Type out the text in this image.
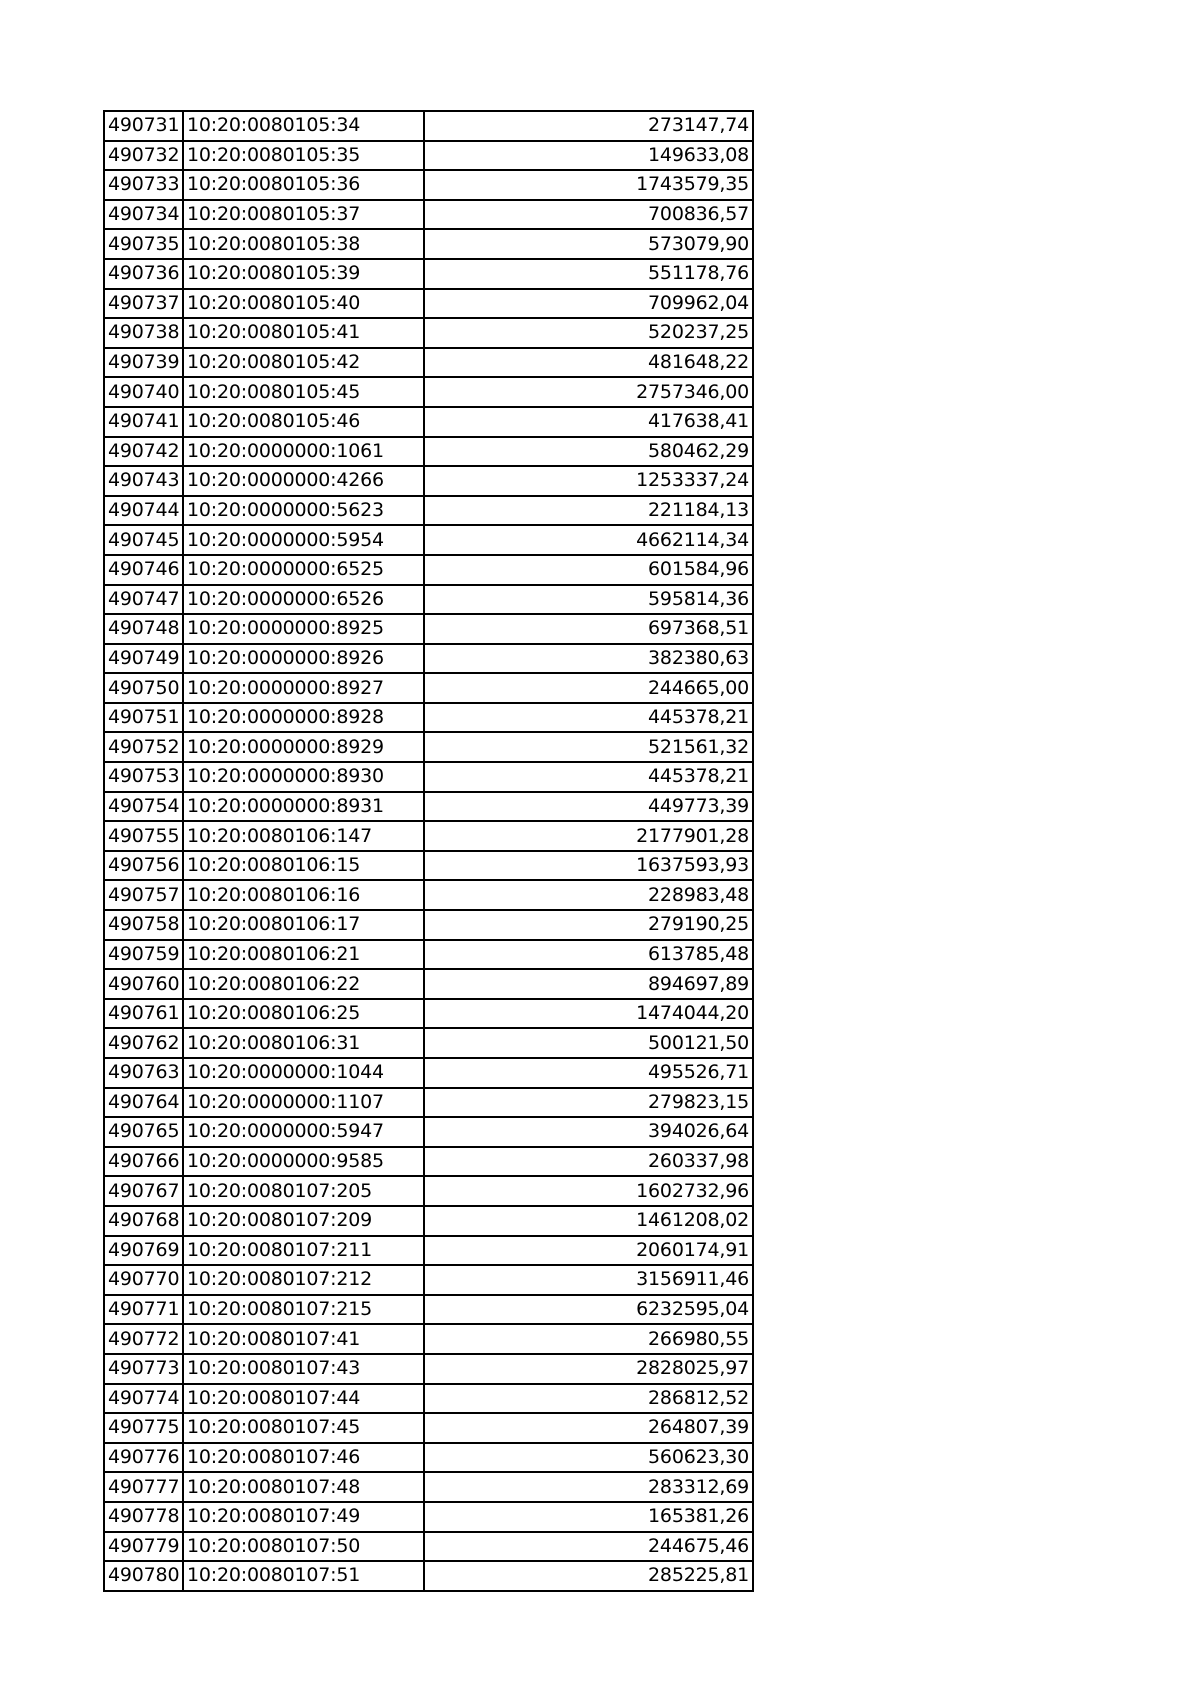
490731	10:20:0080105:34	273147,74
490732	10:20:0080105:35	149633,08
490733	10:20:0080105:36	1743579,35
490734	10:20:0080105:37	700836,57
490735	10:20:0080105:38	573079,90
490736	10:20:0080105:39	551178,76
490737	10:20:0080105:40	709962,04
490738	10:20:0080105:41	520237,25
490739	10:20:0080105:42	481648,22
490740	10:20:0080105:45	2757346,00
490741	10:20:0080105:46	417638,41
490742	10:20:0000000:1061	580462,29
490743	10:20:0000000:4266	1253337,24
490744	10:20:0000000:5623	221184,13
490745	10:20:0000000:5954	4662114,34
490746	10:20:0000000:6525	601584,96
490747	10:20:0000000:6526	595814,36
490748	10:20:0000000:8925	697368,51
490749	10:20:0000000:8926	382380,63
490750	10:20:0000000:8927	244665,00
490751	10:20:0000000:8928	445378,21
490752	10:20:0000000:8929	521561,32
490753	10:20:0000000:8930	445378,21
490754	10:20:0000000:8931	449773,39
490755	10:20:0080106:147	2177901,28
490756	10:20:0080106:15	1637593,93
490757	10:20:0080106:16	228983,48
490758	10:20:0080106:17	279190,25
490759	10:20:0080106:21	613785,48
490760	10:20:0080106:22	894697,89
490761	10:20:0080106:25	1474044,20
490762	10:20:0080106:31	500121,50
490763	10:20:0000000:1044	495526,71
490764	10:20:0000000:1107	279823,15
490765	10:20:0000000:5947	394026,64
490766	10:20:0000000:9585	260337,98
490767	10:20:0080107:205	1602732,96
490768	10:20:0080107:209	1461208,02
490769	10:20:0080107:211	2060174,91
490770	10:20:0080107:212	3156911,46
490771	10:20:0080107:215	6232595,04
490772	10:20:0080107:41	266980,55
490773	10:20:0080107:43	2828025,97
490774	10:20:0080107:44	286812,52
490775	10:20:0080107:45	264807,39
490776	10:20:0080107:46	560623,30
490777	10:20:0080107:48	283312,69
490778	10:20:0080107:49	165381,26
490779	10:20:0080107:50	244675,46
490780	10:20:0080107:51	285225,81
